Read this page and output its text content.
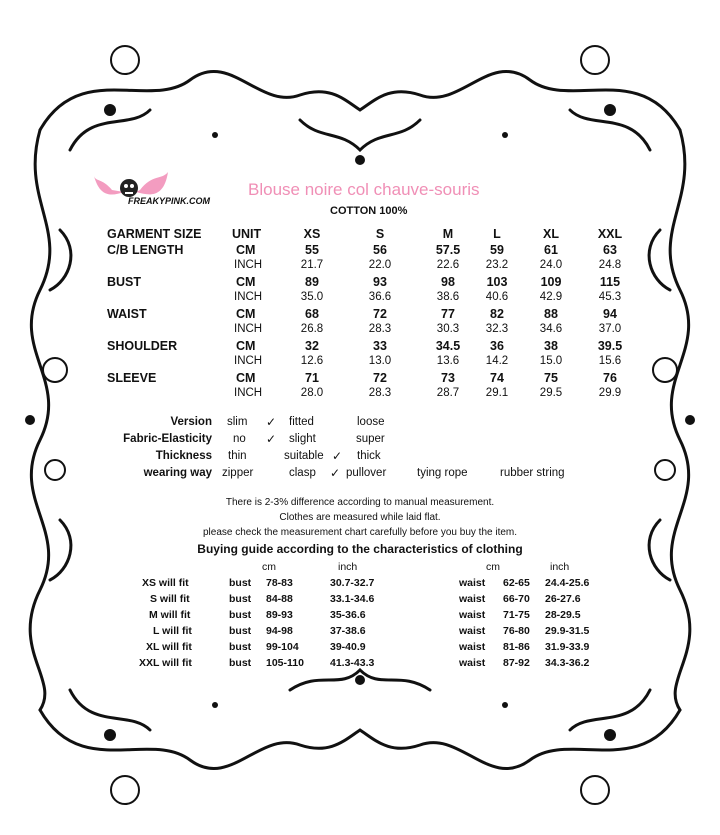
FREAKYPINK.COM
Blouse noire col chauve-souris
COTTON 100%
GARMENT SIZE UNIT	XS	S	M	L	XL	XXL
C/B LENGTH	CM	55	56	57.5	59	61	63
INCH	21.7	22.0	22.6	23.2	24.0	24.8
BUST	CM	89	93	98	103	109	115
INCH	35.0	36.6	38.6	40.6	42.9	45.3
WAIST	CM	68	72	77	82	88	94
INCH	26.8	28.3	30.3	32.3	34.6	37.0
SHOULDER	CM	32	33	34.5	36	38	39.5
INCH	12.6	13.0	13.6	14.2	15.0	15.6
SLEEVE	CM	71	72	73	74	75	76
INCH	28.0	28.3	28.7	29.1	29.5	29.9
Version slim ✓ fitted	loose
Fabric-Elasticity no ✓ slight	super
Thickness thin	suitable ✓ thick
wearing way zipper	clasp ✓ pullover	tying rope	rubber string
There is 2-3% difference according to manual measurement.
Clothes are measured while laid flat.
please check the measurement chart carefully before you buy the item.
Buying guide according to the characteristics of clothing
cm	inch	cm	inch
XS will fit	bust 78-83	30.7-32.7	waist 62-65 24.4-25.6
S will fit	bust 84-88	33.1-34.6	waist 66-70 26-27.6
M will fit	bust 89-93	35-36.6	waist 71-75 28-29.5
L will fit	bust 94-98	37-38.6	waist 76-80 29.9-31.5
XL will fit	bust 99-104	39-40.9	waist 81-86 31.9-33.9
XXL will fit	bust 105-110 41.3-43.3	waist 87-92 34.3-36.2
